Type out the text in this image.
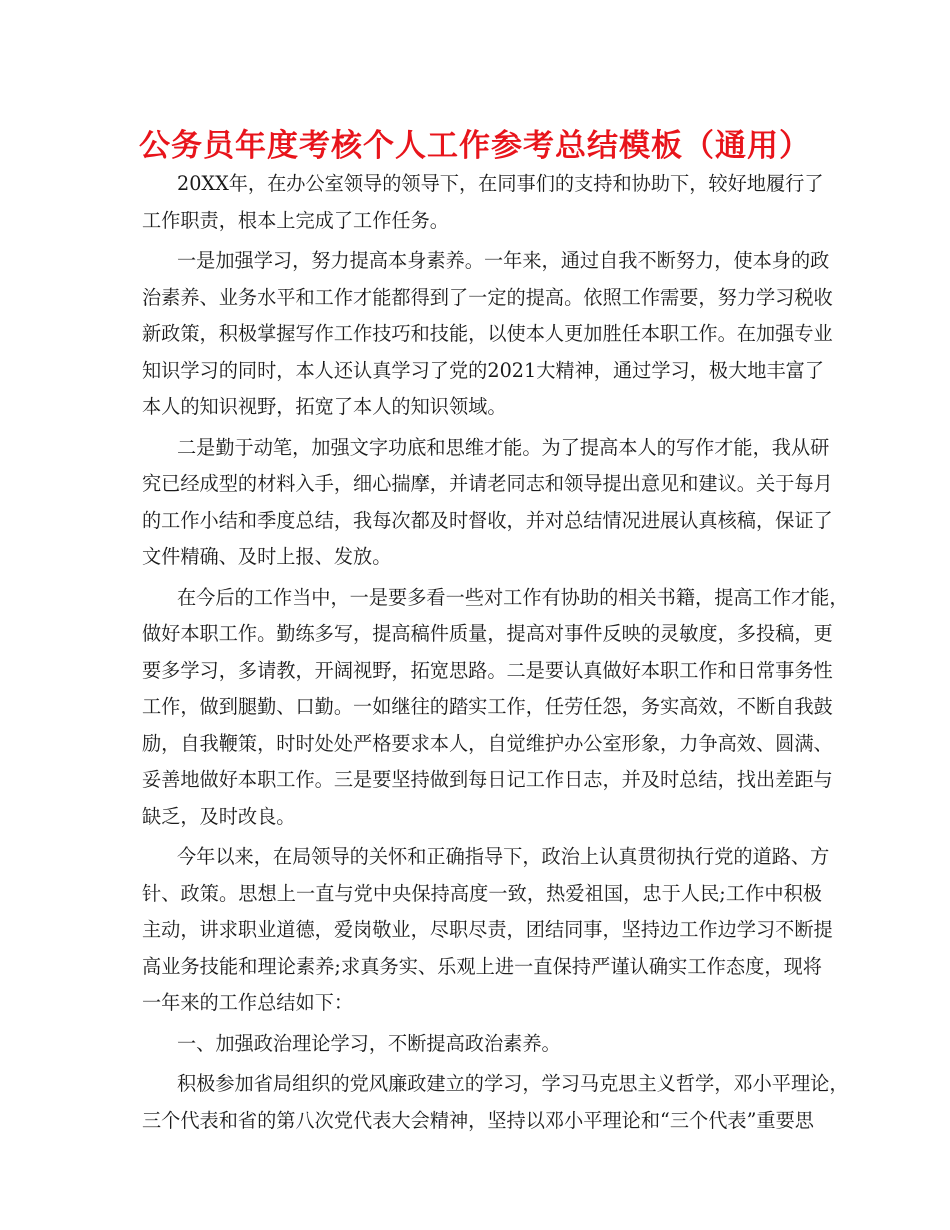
公务员年度考核个人工作参考总结模板（通用）
20XX年，在办公室领导的领导下，在同事们的支持和协助下，较好地履行了
工作职责，根本上完成了工作任务。
一是加强学习，努力提高本身素养。一年来，通过自我不断努力，使本身的政
治素养、业务水平和工作才能都得到了一定的提高。依照工作需要，努力学习税收
新政策，积极掌握写作工作技巧和技能，以使本人更加胜任本职工作。在加强专业
知识学习的同时，本人还认真学习了党的2021大精神，通过学习，极大地丰富了
本人的知识视野，拓宽了本人的知识领域。
二是勤于动笔，加强文字功底和思维才能。为了提高本人的写作才能，我从研
究已经成型的材料入手，细心揣摩，并请老同志和领导提出意见和建议。关于每月
的工作小结和季度总结，我每次都及时督收，并对总结情况进展认真核稿，保证了
文件精确、及时上报、发放。
在今后的工作当中，一是要多看一些对工作有协助的相关书籍，提高工作才能，
做好本职工作。勤练多写，提高稿件质量，提高对事件反映的灵敏度，多投稿，更
要多学习，多请教，开阔视野，拓宽思路。二是要认真做好本职工作和日常事务性
工作，做到腿勤、口勤。一如继往的踏实工作，任劳任怨，务实高效，不断自我鼓
励，自我鞭策，时时处处严格要求本人，自觉维护办公室形象，力争高效、圆满、
妥善地做好本职工作。三是要坚持做到每日记工作日志，并及时总结，找出差距与
缺乏，及时改良。
今年以来，在局领导的关怀和正确指导下，政治上认真贯彻执行党的道路、方
针、政策。思想上一直与党中央保持高度一致，热爱祖国，忠于人民;工作中积极
主动，讲求职业道德，爱岗敬业，尽职尽责，团结同事，坚持边工作边学习不断提
高业务技能和理论素养;求真务实、乐观上进一直保持严谨认确实工作态度，现将
一年来的工作总结如下：
一、加强政治理论学习，不断提高政治素养。
积极参加省局组织的党风廉政建立的学习，学习马克思主义哲学，邓小平理论，
三个代表和省的第八次党代表大会精神，坚持以邓小平理论和“三个代表”重要思
